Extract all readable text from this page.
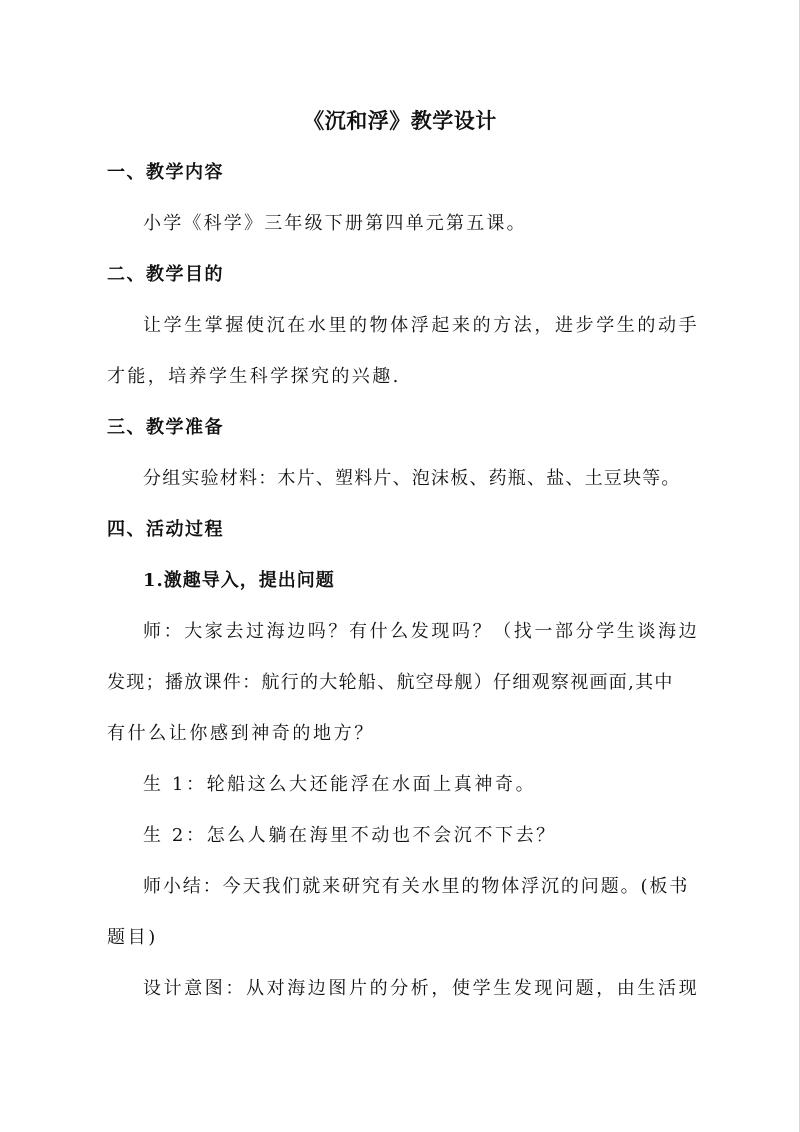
《沉和浮》教学设计
一、教学内容
小学《科学》三年级下册第四单元第五课。
二、教学目的
让学生掌握使沉在水里的物体浮起来的方法，进步学生的动手
才能，培养学生科学探究的兴趣.
三、教学准备
分组实验材料：木片、塑料片、泡沫板、药瓶、盐、土豆块等。
四、活动过程
1.激趣导入，提出问题
师：大家去过海边吗？有什么发现吗？（找一部分学生谈海边
发现；播放课件：航行的大轮船、航空母舰）仔细观察视画面,其中
有什么让你感到神奇的地方？
生 1：轮船这么大还能浮在水面上真神奇。
生 2：怎么人躺在海里不动也不会沉不下去？
师小结：今天我们就来研究有关水里的物体浮沉的问题。(板书
题目)
设计意图：从对海边图片的分析，使学生发现问题，由生活现
